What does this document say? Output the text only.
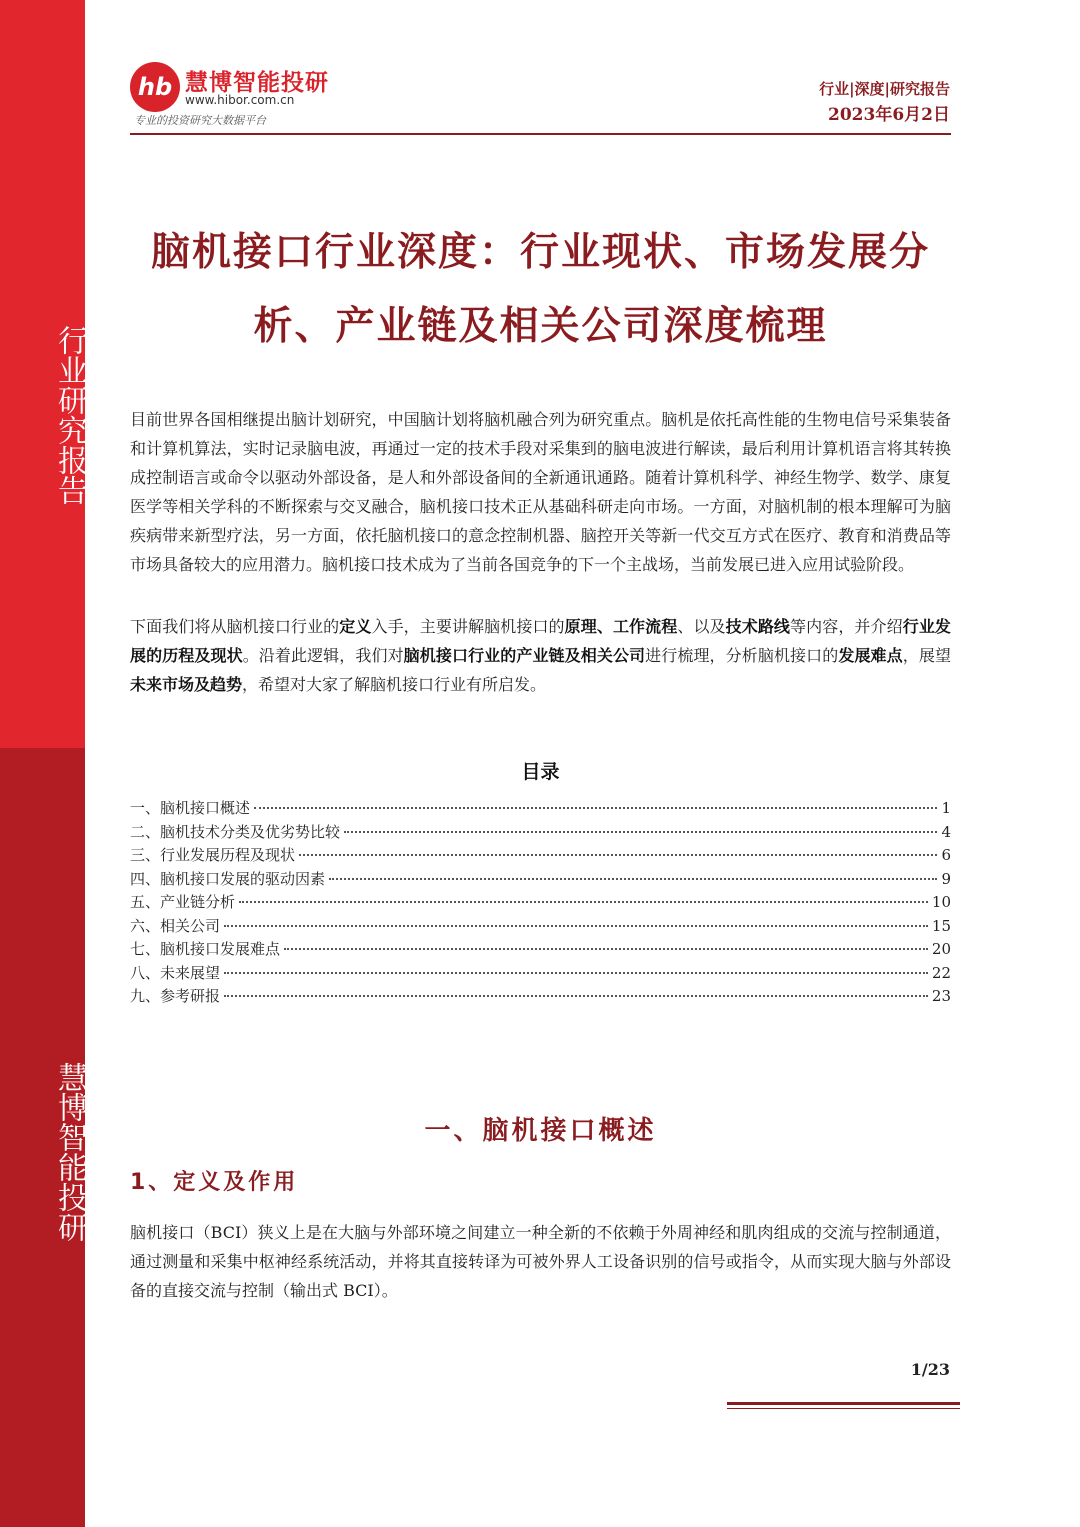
行业研究报告
慧博智能投研
hb 慧博智能投研
www.hibor.com.cn
专业的投资研究大数据平台
行业|深度|研究报告
2023年6月2日
脑机接口行业深度：行业现状、市场发展分
析、产业链及相关公司深度梳理
目前世界各国相继提出脑计划研究，中国脑计划将脑机融合列为研究重点。脑机是依托高性能的生物电信号采集装备和计算机算法，实时记录脑电波，再通过一定的技术手段对采集到的脑电波进行解读，最后利用计算机语言将其转换成控制语言或命令以驱动外部设备，是人和外部设备间的全新通讯通路。随着计算机科学、神经生物学、数学、康复医学等相关学科的不断探索与交叉融合，脑机接口技术正从基础科研走向市场。一方面，对脑机制的根本理解可为脑疾病带来新型疗法，另一方面，依托脑机接口的意念控制机器、脑控开关等新一代交互方式在医疗、教育和消费品等市场具备较大的应用潜力。脑机接口技术成为了当前各国竞争的下一个主战场，当前发展已进入应用试验阶段。
下面我们将从脑机接口行业的定义入手，主要讲解脑机接口的原理、工作流程、以及技术路线等内容，并介绍行业发展的历程及现状。沿着此逻辑，我们对脑机接口行业的产业链及相关公司进行梳理，分析脑机接口的发展难点，展望未来市场及趋势，希望对大家了解脑机接口行业有所启发。
目录
一、脑机接口概述	1
二、脑机技术分类及优劣势比较	4
三、行业发展历程及现状	6
四、脑机接口发展的驱动因素	9
五、产业链分析	10
六、相关公司	15
七、脑机接口发展难点	20
八、未来展望	22
九、参考研报	23
一、脑机接口概述
1、定义及作用
脑机接口（BCI）狭义上是在大脑与外部环境之间建立一种全新的不依赖于外周神经和肌肉组成的交流与控制通道，通过测量和采集中枢神经系统活动，并将其直接转译为可被外界人工设备识别的信号或指令，从而实现大脑与外部设备的直接交流与控制（输出式 BCI）。
1/23
